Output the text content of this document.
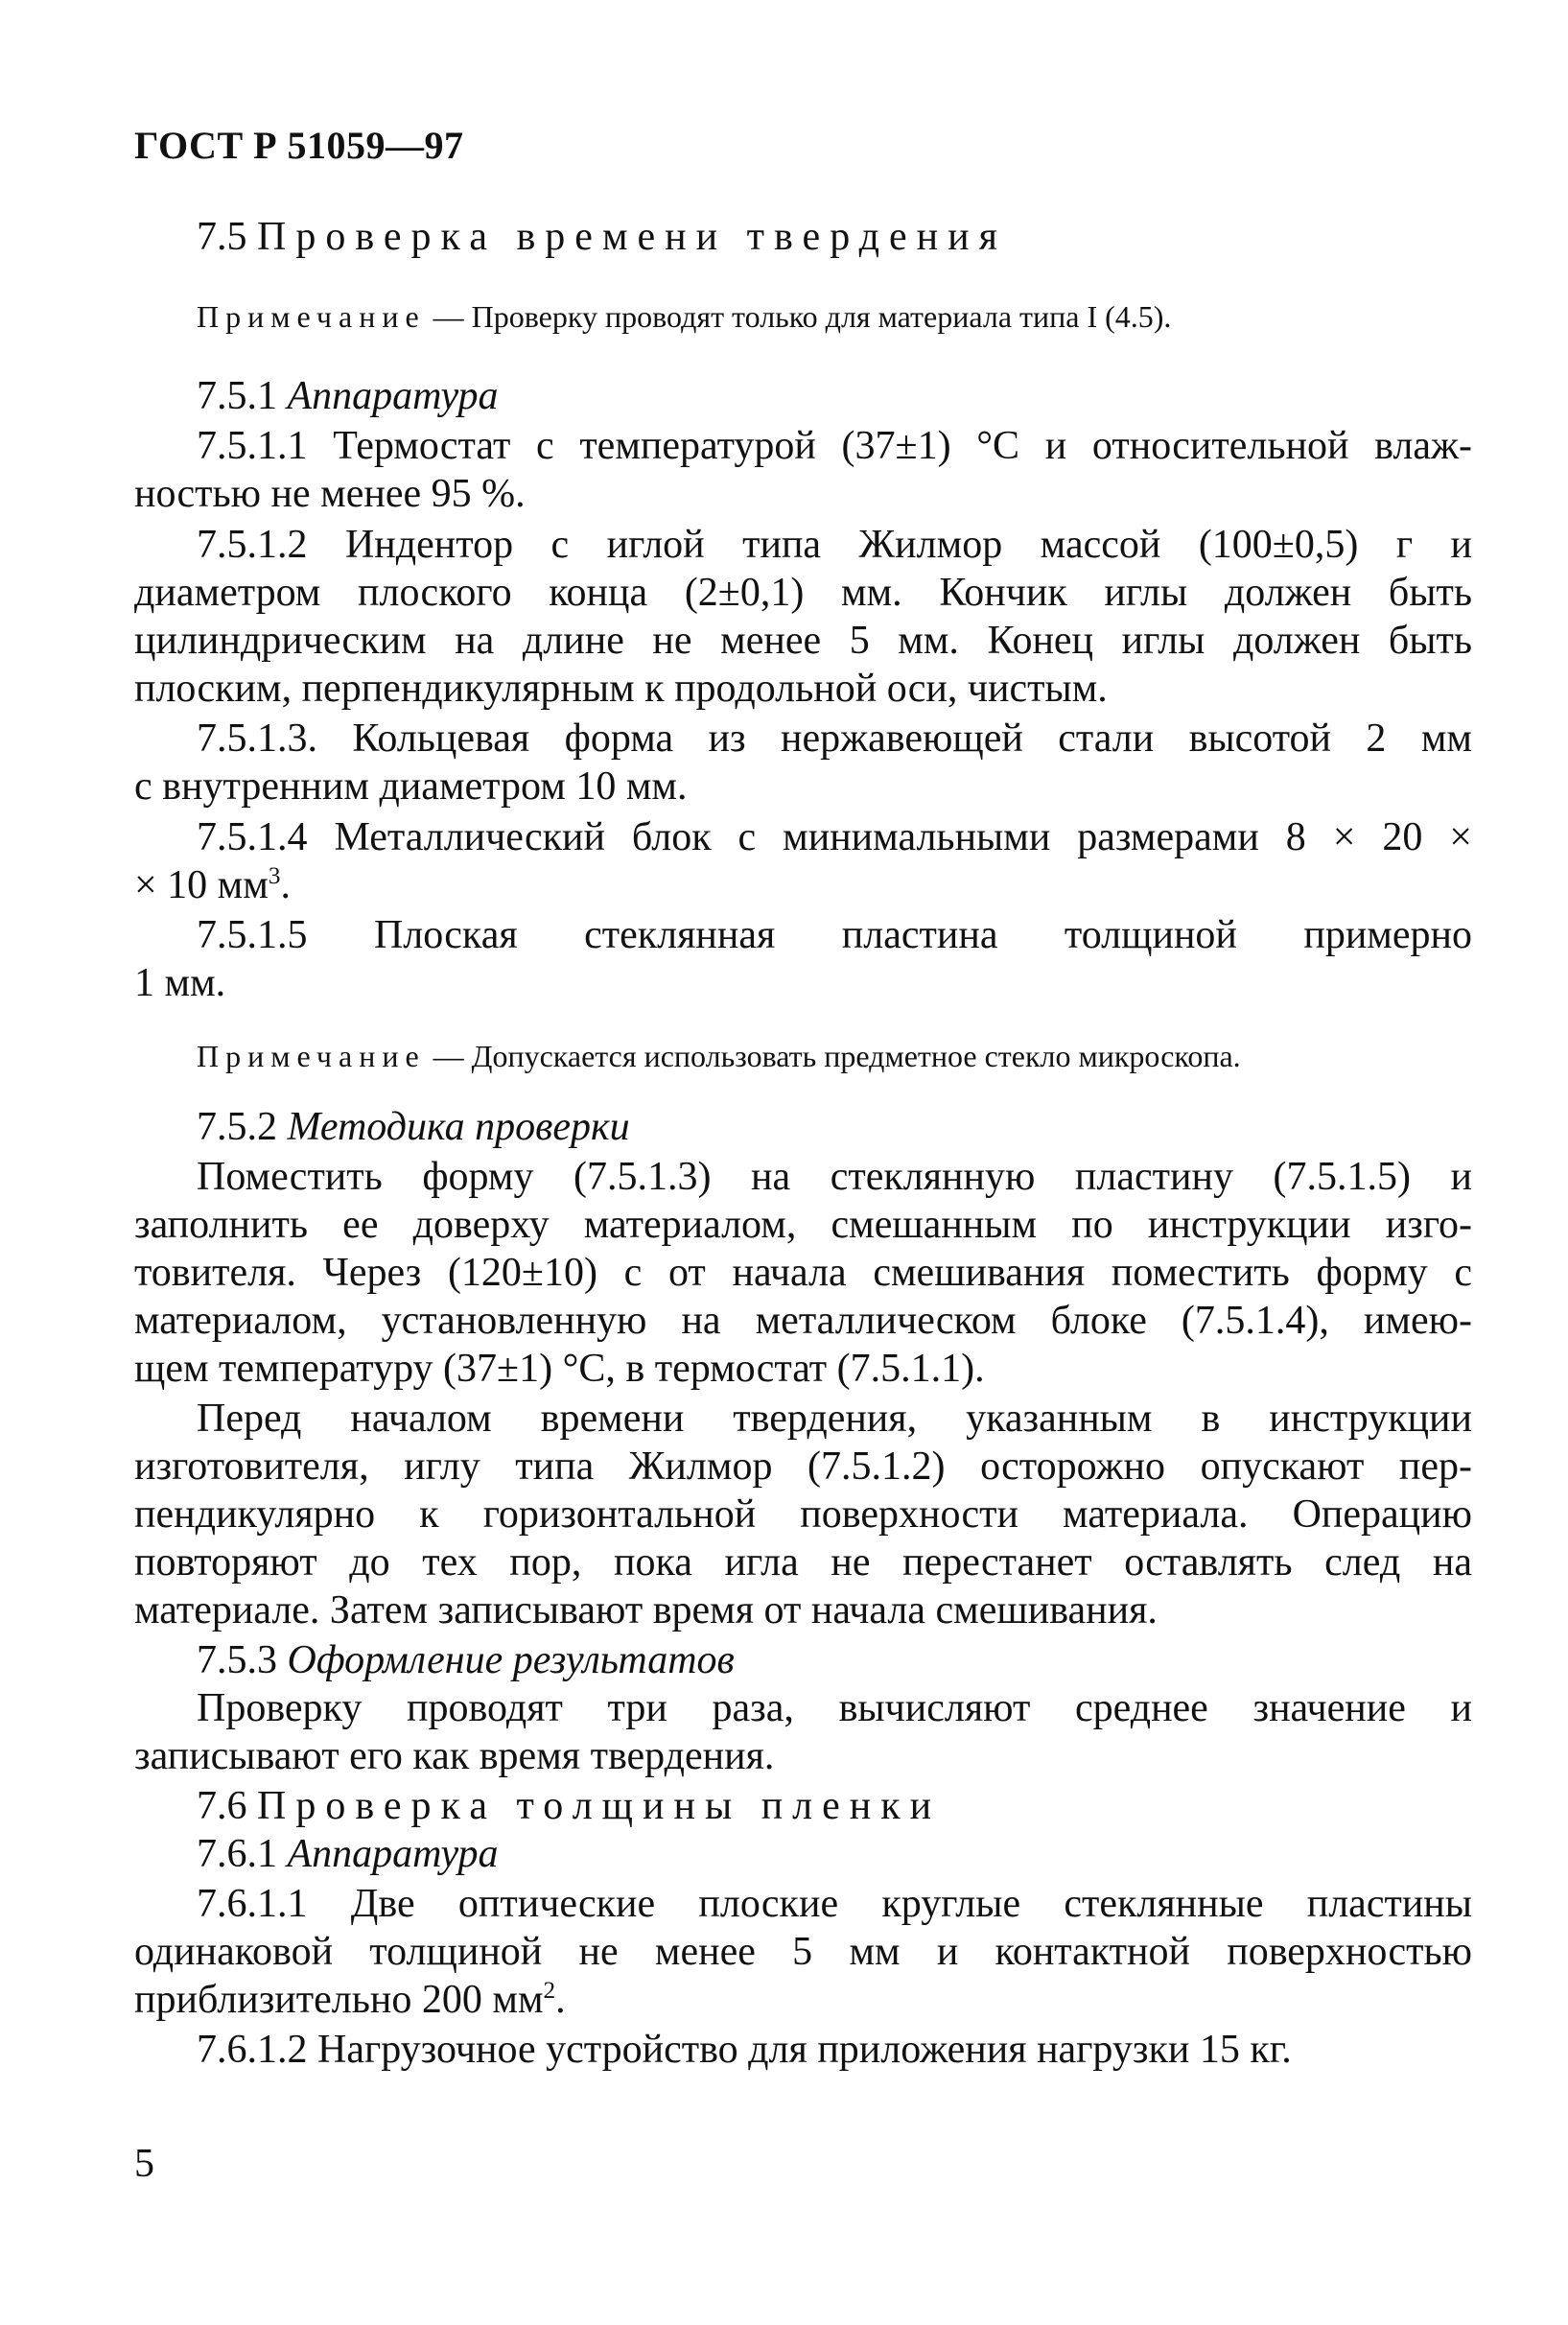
ГОСТ Р 51059—97
7.5 Проверка времени твердения
Примечание — Проверку проводят только для материала типа I (4.5).
7.5.1 Аппаратура
7.5.1.1 Термостат с температурой (37±1) °С и относительной влаж-
ностью не менее 95 %.
7.5.1.2 Индентор с иглой типа Жилмор массой (100±0,5) г и
диаметром плоского конца (2±0,1) мм. Кончик иглы должен быть
цилиндрическим на длине не менее 5 мм. Конец иглы должен быть
плоским, перпендикулярным к продольной оси, чистым.
7.5.1.3. Кольцевая форма из нержавеющей стали высотой 2 мм
с внутренним диаметром 10 мм.
7.5.1.4 Металлический блок с минимальными размерами 8 × 20 ×
× 10 $мм^3$.
7.5.1.5 Плоская стеклянная пластина толщиной примерно
1 мм.
Примечание — Допускается использовать предметное стекло микроскопа.
7.5.2 Методика проверки
Поместить форму (7.5.1.3) на стеклянную пластину (7.5.1.5) и
заполнить ее доверху материалом, смешанным по инструкции изго-
товителя. Через (120±10) с от начала смешивания поместить форму с
материалом, установленную на металлическом блоке (7.5.1.4), имею-
щем температуру (37±1) °С, в термостат (7.5.1.1).
Перед началом времени твердения, указанным в инструкции
изготовителя, иглу типа Жилмор (7.5.1.2) осторожно опускают пер-
пендикулярно к горизонтальной поверхности материала. Операцию
повторяют до тех пор, пока игла не перестанет оставлять след на
материале. Затем записывают время от начала смешивания.
7.5.3 Оформление результатов
Проверку проводят три раза, вычисляют среднее значение и
записывают его как время твердения.
7.6 Проверка толщины пленки
7.6.1 Аппаратура
7.6.1.1 Две оптические плоские круглые стеклянные пластины
одинаковой толщиной не менее 5 мм и контактной поверхностью
приблизительно 200 $мм^2$.
7.6.1.2 Нагрузочное устройство для приложения нагрузки 15 кг.
5
